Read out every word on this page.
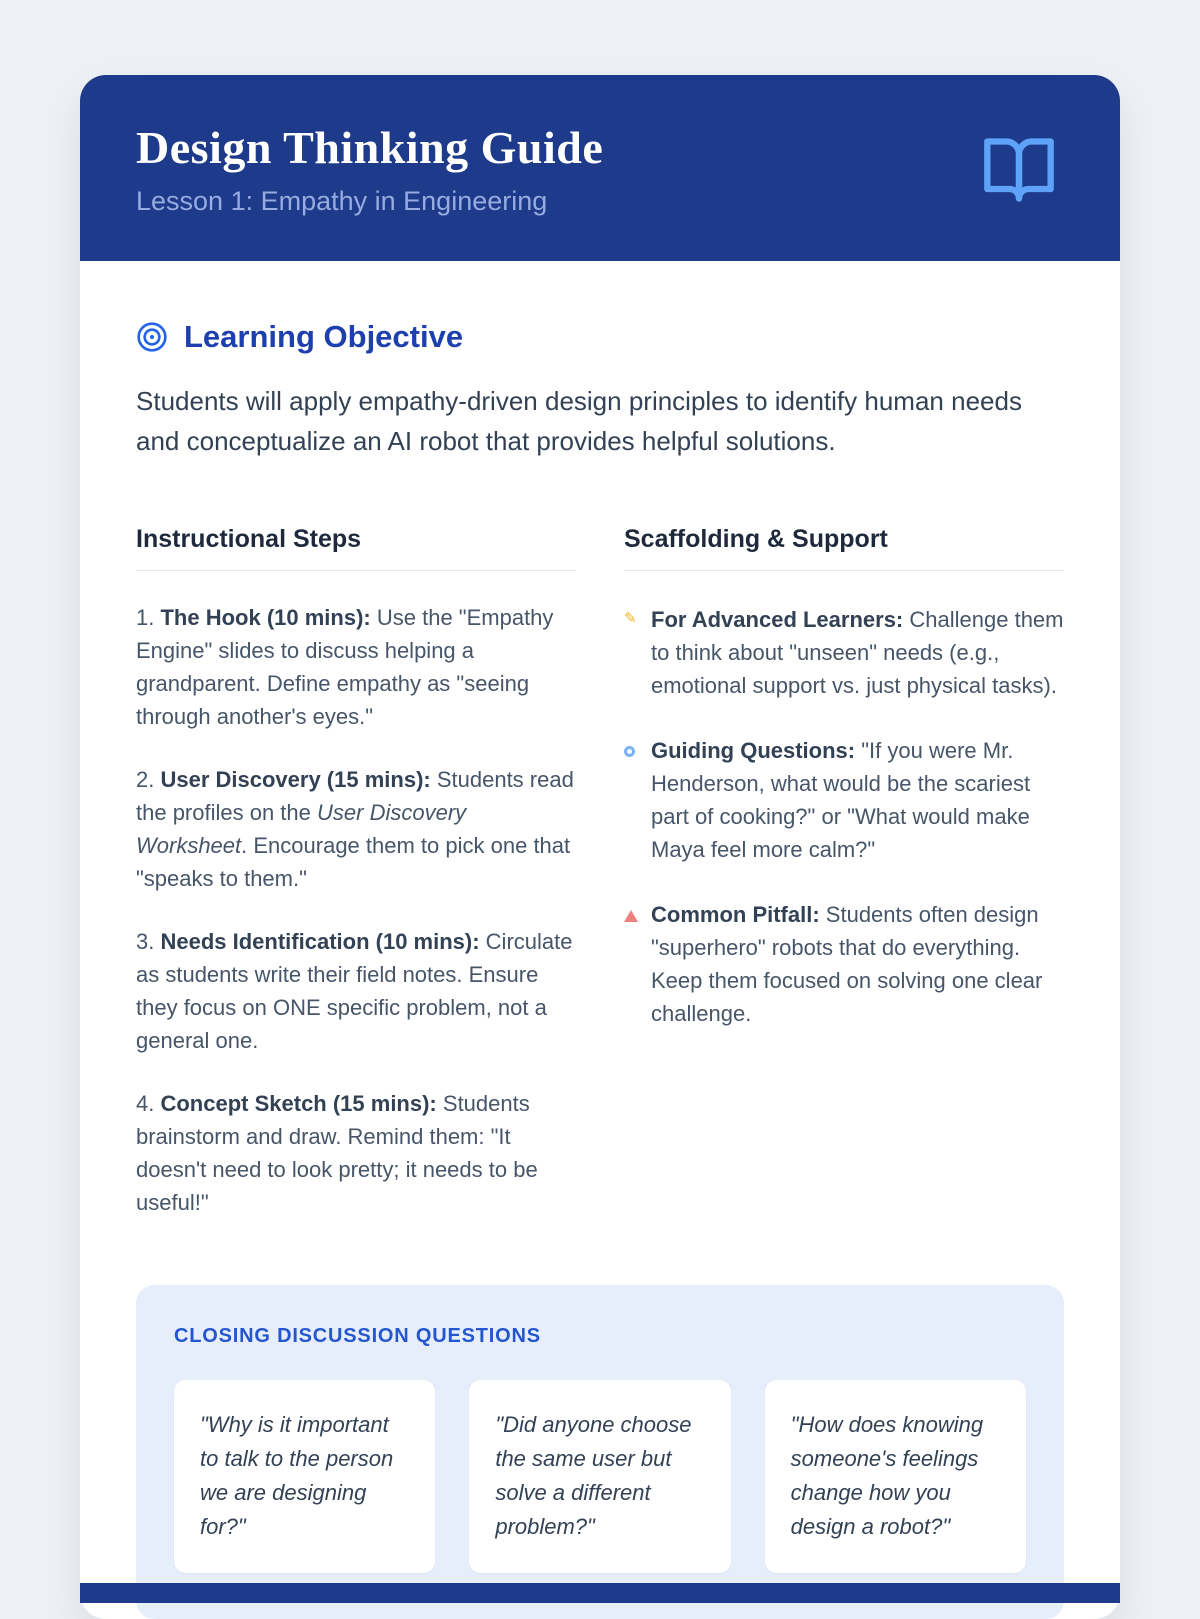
Design Thinking Guide

Lesson 1: Empathy in Engineering

Learning Objective

Students will apply empathy-driven design principles to identify human needs and conceptualize an AI robot that provides helpful solutions.

Instructional Steps

1. The Hook (10 mins): Use the "Empathy Engine" slides to discuss helping a grandparent. Define empathy as "seeing through another's eyes."

2. User Discovery (15 mins): Students read the profiles on the User Discovery Worksheet. Encourage them to pick one that "speaks to them."

3. Needs Identification (10 mins): Circulate as students write their field notes. Ensure they focus on ONE specific problem, not a general one.

4. Concept Sketch (15 mins): Students brainstorm and draw. Remind them: "It doesn't need to look pretty; it needs to be useful!"

Scaffolding & Support
✎ For Advanced Learners: Challenge them to think about "unseen" needs (e.g., emotional support vs. just physical tasks).

Guiding Questions: "If you were Mr. Henderson, what would be the scariest part of cooking?" or "What would make Maya feel more calm?"

Common Pitfall: Students often design "superhero" robots that do everything. Keep them focused on solving one clear challenge.

CLOSING DISCUSSION QUESTIONS

"Why is it important to talk to the person we are designing for?"

"Did anyone choose the same user but solve a different problem?"

"How does knowing someone's feelings change how you design a robot?"
